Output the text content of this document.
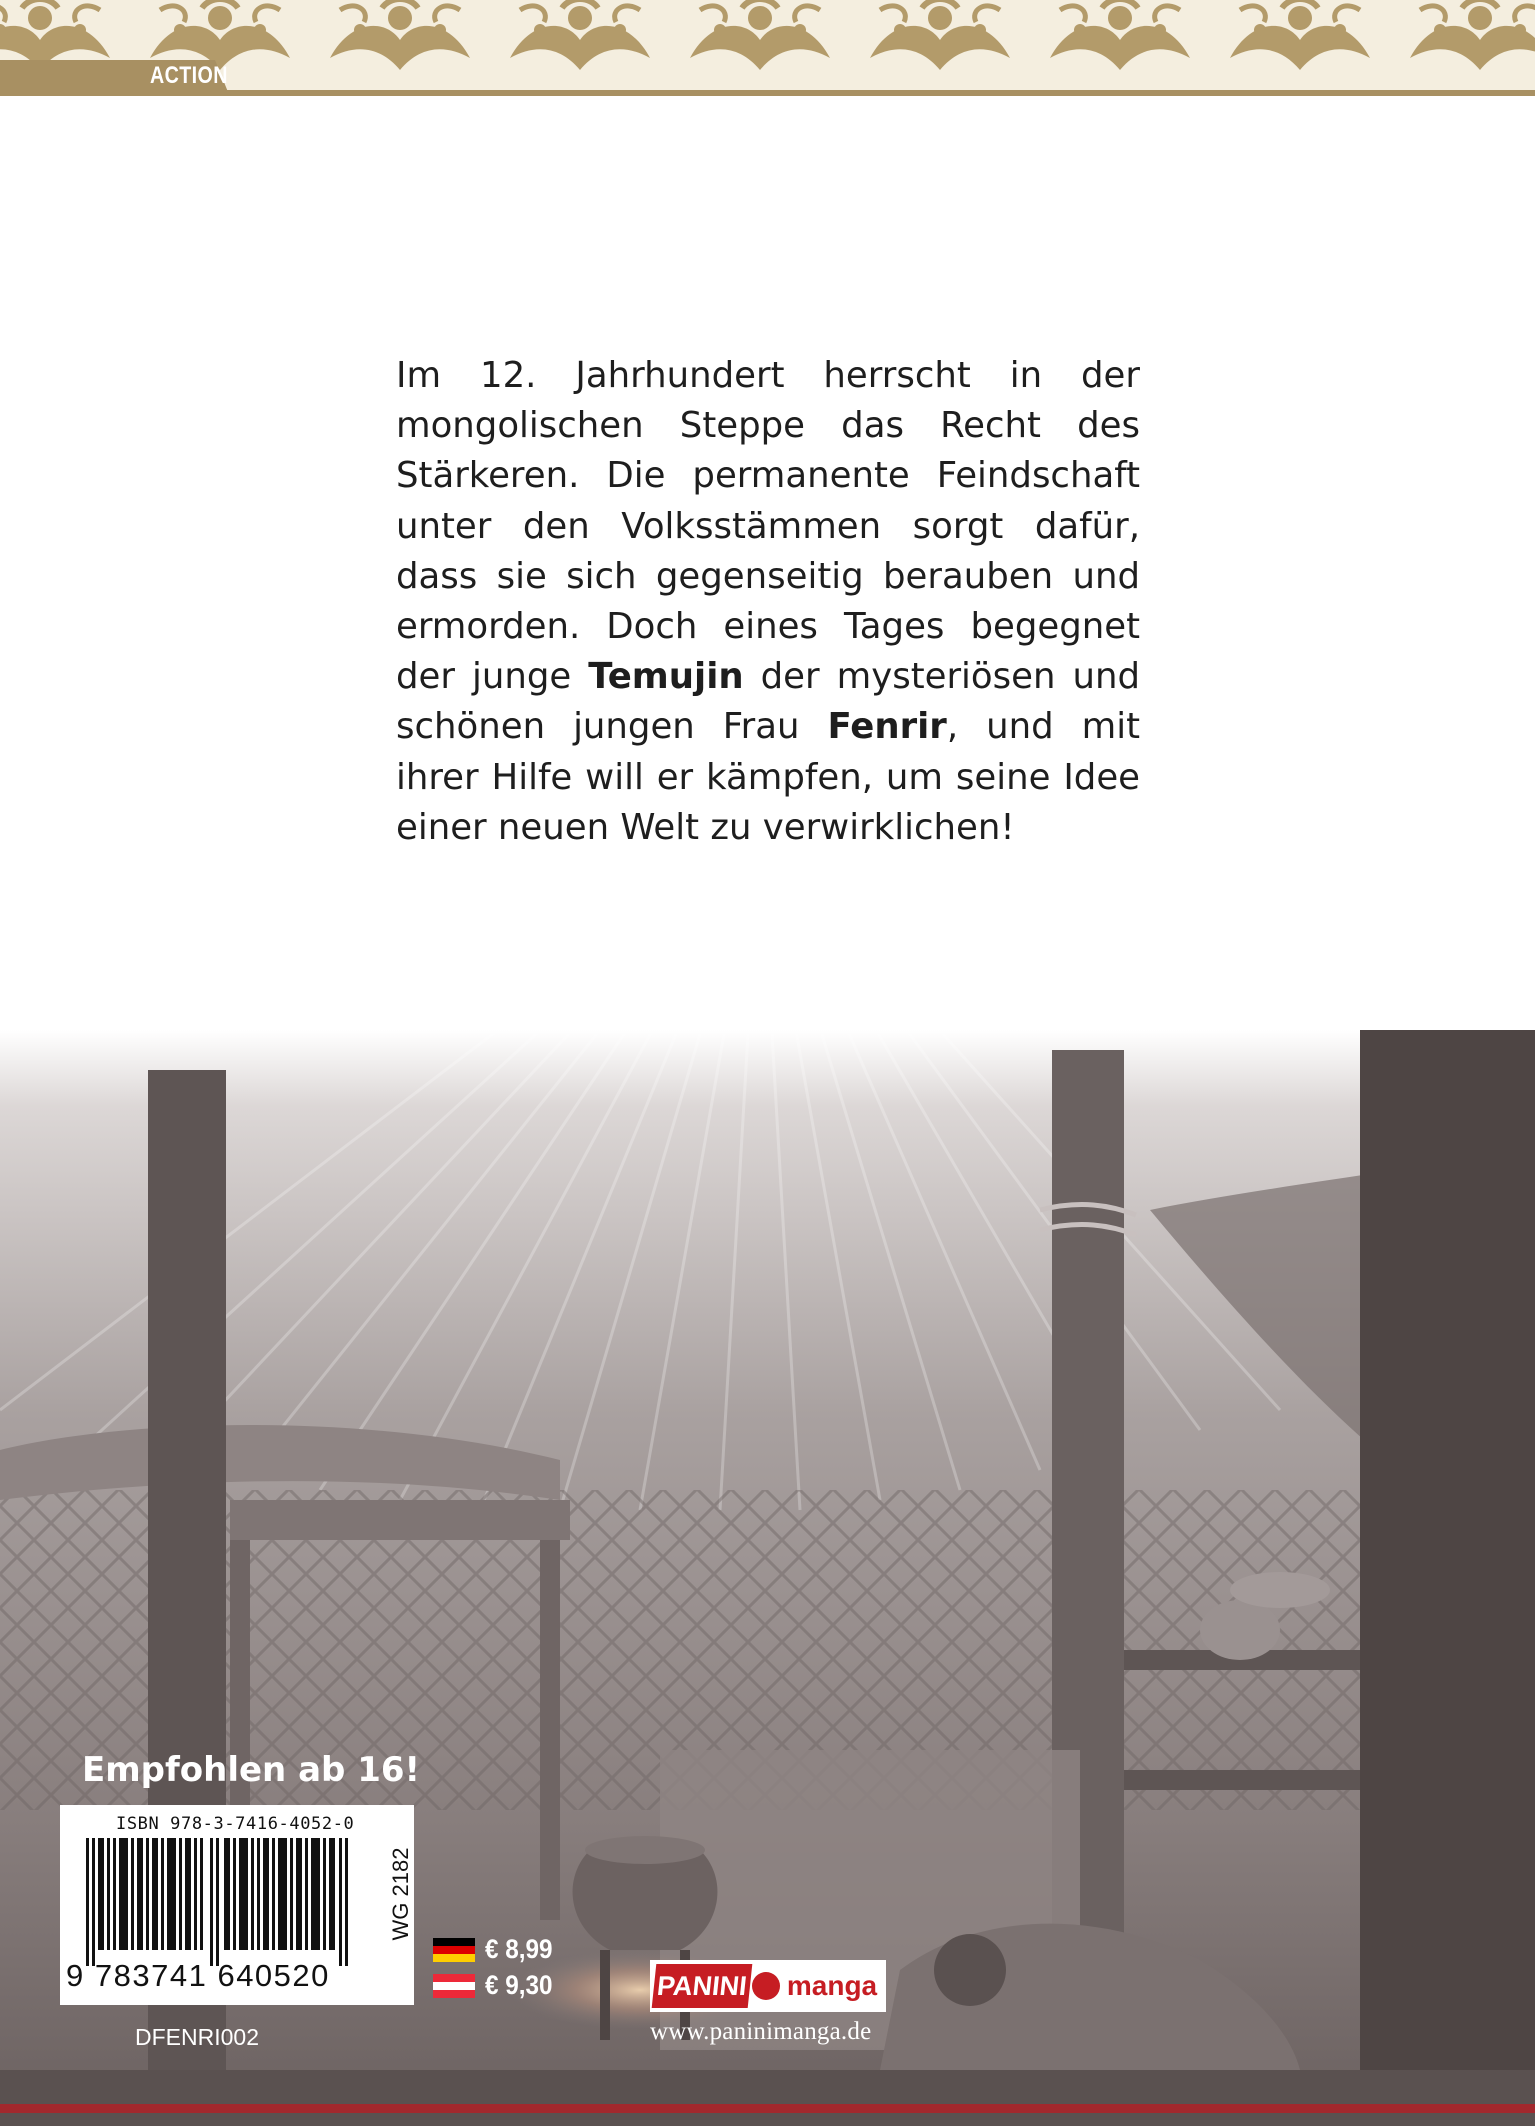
ACTION

Im 12. Jahrhundert herrscht in der mongolischen Steppe das Recht des Stärkeren. Die permanente Feindschaft unter den Volksstämmen sorgt dafür, dass sie sich gegenseitig berauben und ermorden. Doch eines Tages begegnet der junge Temujin der mysteriösen und schönen jungen Frau Fenrir, und mit ihrer Hilfe will er kämpfen, um seine Idee einer neuen Welt zu verwirklichen!

Empfohlen ab 16!
ISBN 978-3-7416-4052-0
9 783741 640520
WG 2182
DFENRI002
€ 8,99
€ 9,30	PANINI manga
www.paninimanga.de
